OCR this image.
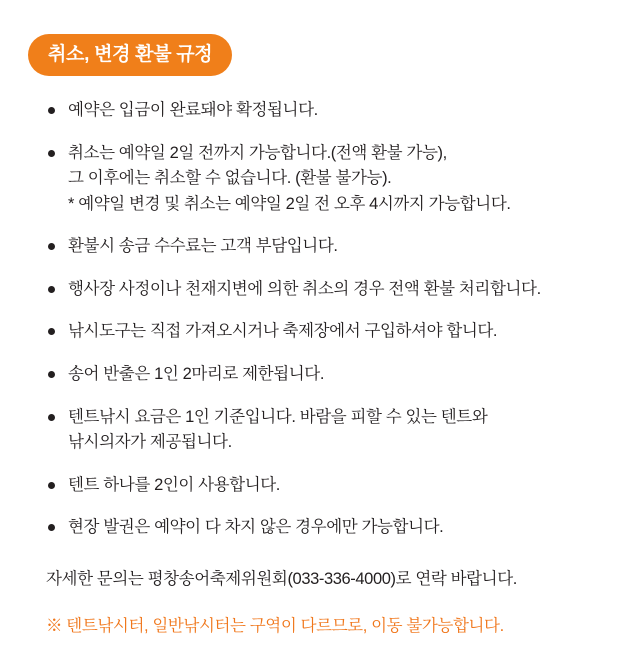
취소, 변경 환불 규정
예약은 입금이 완료돼야 확정됩니다.
취소는 예약일 2일 전까지 가능합니다.(전액 환불 가능),
그 이후에는 취소할 수 없습니다. (환불 불가능).
* 예약일 변경 및 취소는 예약일 2일 전 오후 4시까지 가능합니다.
환불시 송금 수수료는 고객 부담입니다.
행사장 사정이나 천재지변에 의한 취소의 경우 전액 환불 처리합니다.
낚시도구는 직접 가져오시거나 축제장에서 구입하셔야 합니다.
송어 반출은 1인 2마리로 제한됩니다.
텐트낚시 요금은 1인 기준입니다. 바람을 피할 수 있는 텐트와
낚시의자가 제공됩니다.
텐트 하나를 2인이 사용합니다.
현장 발권은 예약이 다 차지 않은 경우에만 가능합니다.

자세한 문의는 평창송어축제위원회(033-336-4000)로 연락 바랍니다.

※ 텐트낚시터, 일반낚시터는 구역이 다르므로, 이동 불가능합니다.
